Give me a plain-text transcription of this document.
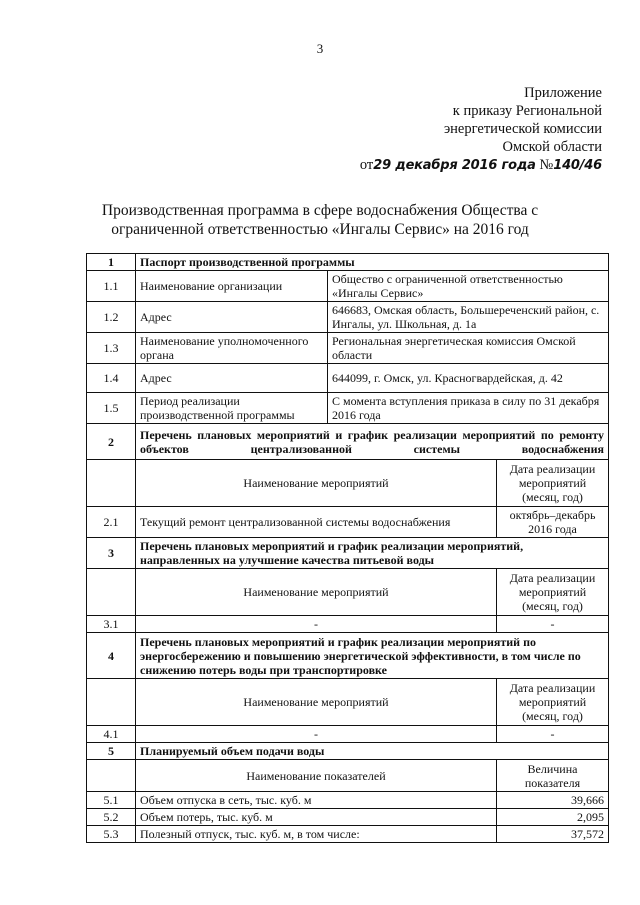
3
Приложение
к приказу Региональной
энергетической комиссии
Омской области
от29 декабря 2016 года №140/46
Производственная программа в сфере водоснабжения Общества с
ограниченной ответственностью «Ингалы Сервис» на 2016 год
1	Паспорт производственной программы		
1.1	Наименование организации	Общество с ограниченной ответственностью «Ингалы Сервис»	
1.2	Адрес	646683, Омская область, Большереченский район, с. Ингалы, ул. Школьная, д. 1а	
1.3	Наименование уполномоченного органа	Региональная энергетическая комиссия Омской области	
1.4	Адрес	644099, г. Омск, ул. Красногвардейская, д. 42	
1.5	Период реализации производственной программы	С момента вступления приказа в силу по 31 декабря 2016 года	
2	Перечень плановых мероприятий и график реализации мероприятий по ремонту объектов централизованной системы водоснабжения		
	Наименование мероприятий		Дата реализации мероприятий (месяц, год)
2.1	Текущий ремонт централизованной системы водоснабжения		октябрь–декабрь 2016 года
3	Перечень плановых мероприятий и график реализации мероприятий, направленных на улучшение качества питьевой воды		
	Наименование мероприятий		Дата реализации мероприятий (месяц, год)
3.1	-		-
4	Перечень плановых мероприятий и график реализации мероприятий по энергосбережению и повышению энергетической эффективности, в том числе по снижению потерь воды при транспортировке		
	Наименование мероприятий		Дата реализации мероприятий (месяц, год)
4.1	-		-
5	Планируемый объем подачи воды		
	Наименование показателей		Величина показателя
5.1	Объем отпуска в сеть, тыс. куб. м		39,666
5.2	Объем потерь, тыс. куб. м		2,095
5.3	Полезный отпуск, тыс. куб. м, в том числе:		37,572
